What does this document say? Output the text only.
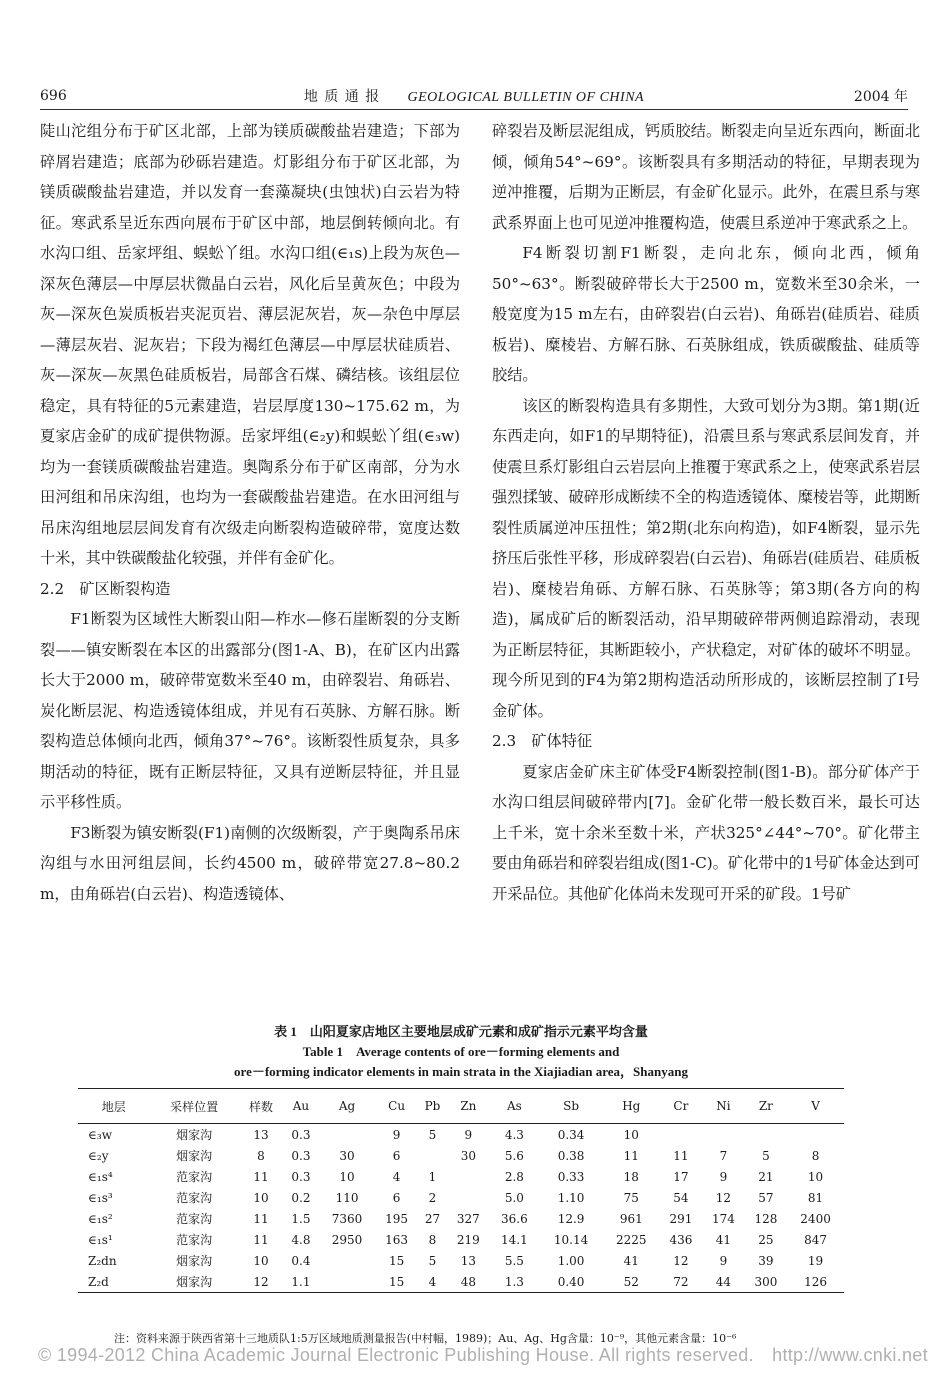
696	地 质 通 报 GEOLOGICAL BULLETIN OF CHINA	2004 年

陡山沱组分布于矿区北部，上部为镁质碳酸盐岩建造；下部为碎屑岩建造；底部为砂砾岩建造。灯影组分布于矿区北部，为镁质碳酸盐岩建造，并以发育一套藻凝块(虫蚀状)白云岩为特征。寒武系呈近东西向展布于矿区中部，地层倒转倾向北。有水沟口组、岳家坪组、蜈蚣丫组。水沟口组(∈₁s)上段为灰色—深灰色薄层—中厚层状微晶白云岩，风化后呈黄灰色；中段为灰—深灰色炭质板岩夹泥页岩、薄层泥灰岩，灰—杂色中厚层—薄层灰岩、泥灰岩；下段为褐红色薄层—中厚层状硅质岩、灰—深灰—灰黑色硅质板岩，局部含石煤、磷结核。该组层位稳定，具有特征的5元素建造，岩层厚度130~175.62 m，为夏家店金矿的成矿提供物源。岳家坪组(∈₂y)和蜈蚣丫组(∈₃w)均为一套镁质碳酸盐岩建造。奥陶系分布于矿区南部，分为水田河组和吊床沟组，也均为一套碳酸盐岩建造。在水田河组与吊床沟组地层层间发育有次级走向断裂构造破碎带，宽度达数十米，其中铁碳酸盐化较强，并伴有金矿化。

2.2　矿区断裂构造

F1断裂为区域性大断裂山阳—柞水—修石崖断裂的分支断裂——镇安断裂在本区的出露部分(图1-A、B)，在矿区内出露长大于2000 m，破碎带宽数米至40 m，由碎裂岩、角砾岩、炭化断层泥、构造透镜体组成，并见有石英脉、方解石脉。断裂构造总体倾向北西，倾角37°~76°。该断裂性质复杂，具多期活动的特征，既有正断层特征，又具有逆断层特征，并且显示平移性质。

F3断裂为镇安断裂(F1)南侧的次级断裂，产于奥陶系吊床沟组与水田河组层间，长约4500 m，破碎带宽27.8~80.2 m，由角砾岩(白云岩)、构造透镜体、

碎裂岩及断层泥组成，钙质胶结。断裂走向呈近东西向，断面北倾，倾角54°~69°。该断裂具有多期活动的特征，早期表现为逆冲推覆，后期为正断层，有金矿化显示。此外，在震旦系与寒武系界面上也可见逆冲推覆构造，使震旦系逆冲于寒武系之上。

F4断裂切割F1断裂，走向北东，倾向北西，倾角50°~63°。断裂破碎带长大于2500 m，宽数米至30余米，一般宽度为15 m左右，由碎裂岩(白云岩)、角砾岩(硅质岩、硅质板岩)、糜棱岩、方解石脉、石英脉组成，铁质碳酸盐、硅质等胶结。

该区的断裂构造具有多期性，大致可划分为3期。第1期(近东西走向，如F1的早期特征)，沿震旦系与寒武系层间发育，并使震旦系灯影组白云岩层向上推覆于寒武系之上，使寒武系岩层强烈揉皱、破碎形成断续不全的构造透镜体、糜棱岩等，此期断裂性质属逆冲压扭性；第2期(北东向构造)，如F4断裂，显示先挤压后张性平移，形成碎裂岩(白云岩)、角砾岩(硅质岩、硅质板岩)、糜棱岩角砾、方解石脉、石英脉等；第3期(各方向的构造)，属成矿后的断裂活动，沿早期破碎带两侧追踪滑动，表现为正断层特征，其断距较小，产状稳定，对矿体的破坏不明显。现今所见到的F4为第2期构造活动所形成的，该断层控制了Ⅰ号金矿体。

2.3　矿体特征

夏家店金矿床主矿体受F4断裂控制(图1-B)。部分矿体产于水沟口组层间破碎带内[7]。金矿化带一般长数百米，最长可达上千米，宽十余米至数十米，产状325°∠44°~70°。矿化带主要由角砾岩和碎裂岩组成(图1-C)。矿化带中的1号矿体金达到可开采品位。其他矿化体尚未发现可开采的矿段。1号矿

表 1　山阳夏家店地区主要地层成矿元素和成矿指示元素平均含量
Table 1　Average contents of ore－forming elements and
ore－forming indicator elements in main strata in the Xiajiadian area，Shanyang
地层	采样位置	样数	Au	Ag	Cu	Pb	Zn	As	Sb	Hg	Cr	Ni	Zr	V
∈₃w	烟家沟	13	0.3		9	5	9	4.3	0.34	10				
∈₂y	烟家沟	8	0.3	30	6		30	5.6	0.38	11	11	7	5	8
∈₁s⁴	范家沟	11	0.3	10	4	1		2.8	0.33	18	17	9	21	10
∈₁s³	范家沟	10	0.2	110	6	2		5.0	1.10	75	54	12	57	81
∈₁s²	范家沟	11	1.5	7360	195	27	327	36.6	12.9	961	291	174	128	2400
∈₁s¹	范家沟	11	4.8	2950	163	8	219	14.1	10.14	2225	436	41	25	847
Z₂dn	烟家沟	10	0.4		15	5	13	5.5	1.00	41	12	9	39	19
Z₂d	烟家沟	12	1.1		15	4	48	1.3	0.40	52	72	44	300	126
注：资料来源于陕西省第十三地质队1:5万区域地质测量报告(中村幅，1989)；Au、Ag、Hg含量：10⁻⁹，其他元素含量：10⁻⁶
© 1994-2012 China Academic Journal Electronic Publishing House. All rights reserved.　http://www.cnki.net
